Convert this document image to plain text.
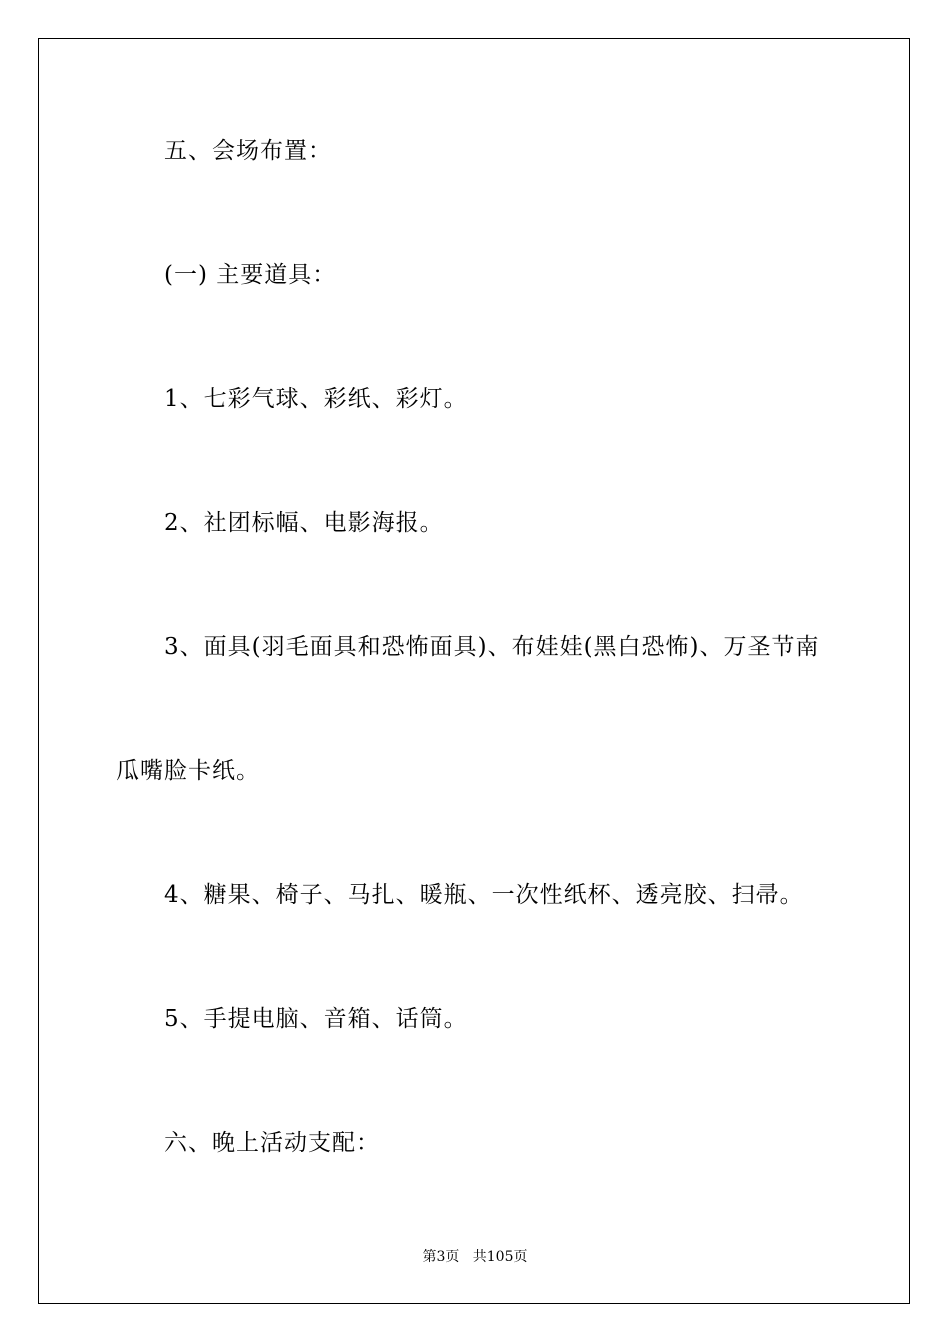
五、会场布置：
(一) 主要道具：
1、七彩气球、彩纸、彩灯。
2、社团标幅、电影海报。
3、面具(羽毛面具和恐怖面具)、布娃娃(黑白恐怖)、万圣节南
瓜嘴脸卡纸。
4、糖果、椅子、马扎、暖瓶、一次性纸杯、透亮胶、扫帚。
5、手提电脑、音箱、话筒。
六、晚上活动支配：
第3页   共105页
